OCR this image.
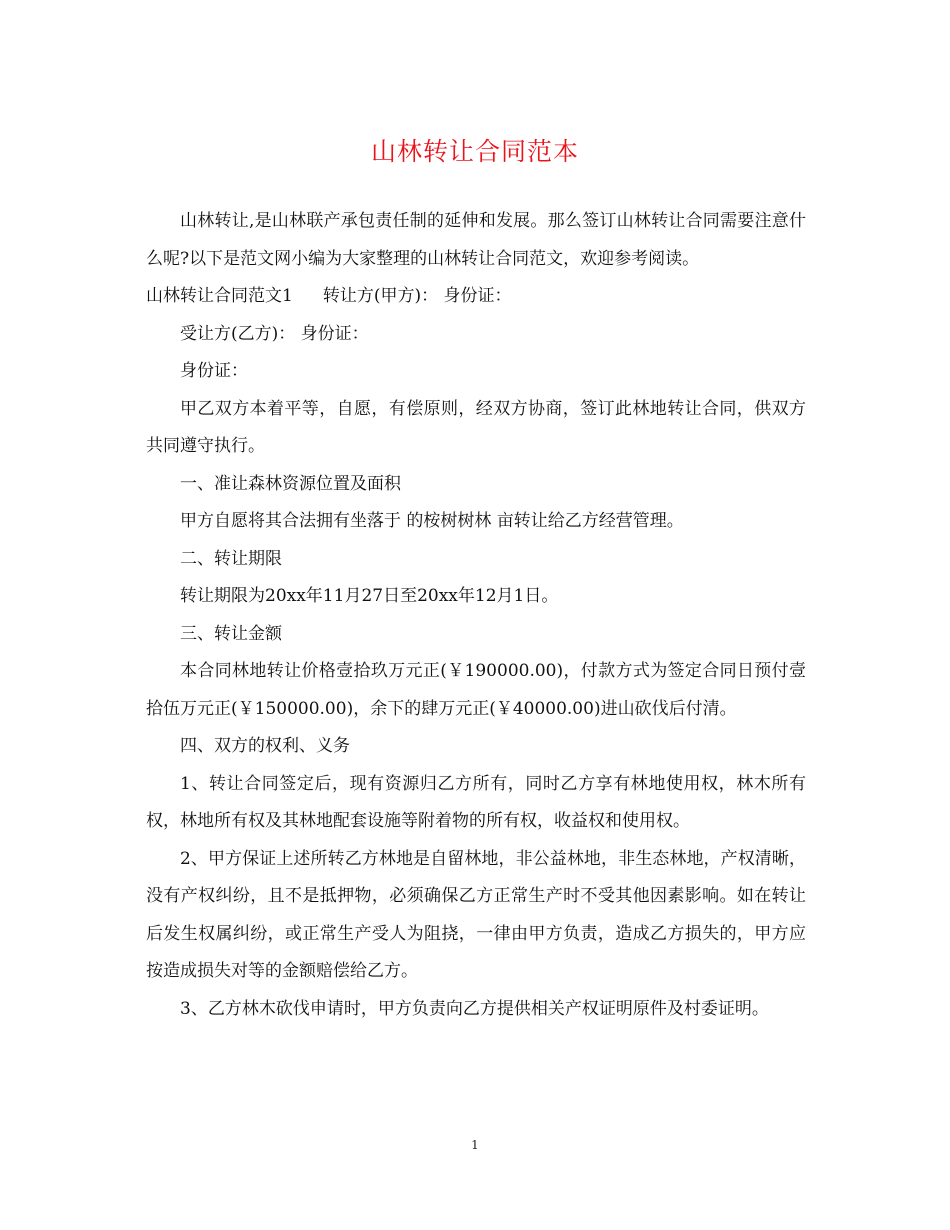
山林转让合同范本

山林转让,是山林联产承包责任制的延伸和发展。那么签订山林转让合同需要注意什么呢?以下是范文网小编为大家整理的山林转让合同范文，欢迎参考阅读。

山林转让合同范文1 转让方(甲方)： 身份证：

受让方(乙方)： 身份证：

身份证：

甲乙双方本着平等，自愿，有偿原则，经双方协商，签订此林地转让合同，供双方共同遵守执行。

一、准让森林资源位置及面积

甲方自愿将其合法拥有坐落于 的桉树树林 亩转让给乙方经营管理。

二、转让期限

转让期限为20xx年11月27日至20xx年12月1日。

三、转让金额

本合同林地转让价格壹拾玖万元正(￥190000.00)，付款方式为签定合同日预付壹拾伍万元正(￥150000.00)，余下的肆万元正(￥40000.00)进山砍伐后付清。

四、双方的权利、义务

1、转让合同签定后，现有资源归乙方所有，同时乙方享有林地使用权，林木所有权，林地所有权及其林地配套设施等附着物的所有权，收益权和使用权。

2、甲方保证上述所转乙方林地是自留林地，非公益林地，非生态林地，产权清晰，没有产权纠纷，且不是抵押物，必须确保乙方正常生产时不受其他因素影响。如在转让后发生权属纠纷，或正常生产受人为阻挠，一律由甲方负责，造成乙方损失的，甲方应按造成损失对等的金额赔偿给乙方。

3、乙方林木砍伐申请时，甲方负责向乙方提供相关产权证明原件及村委证明。

1
